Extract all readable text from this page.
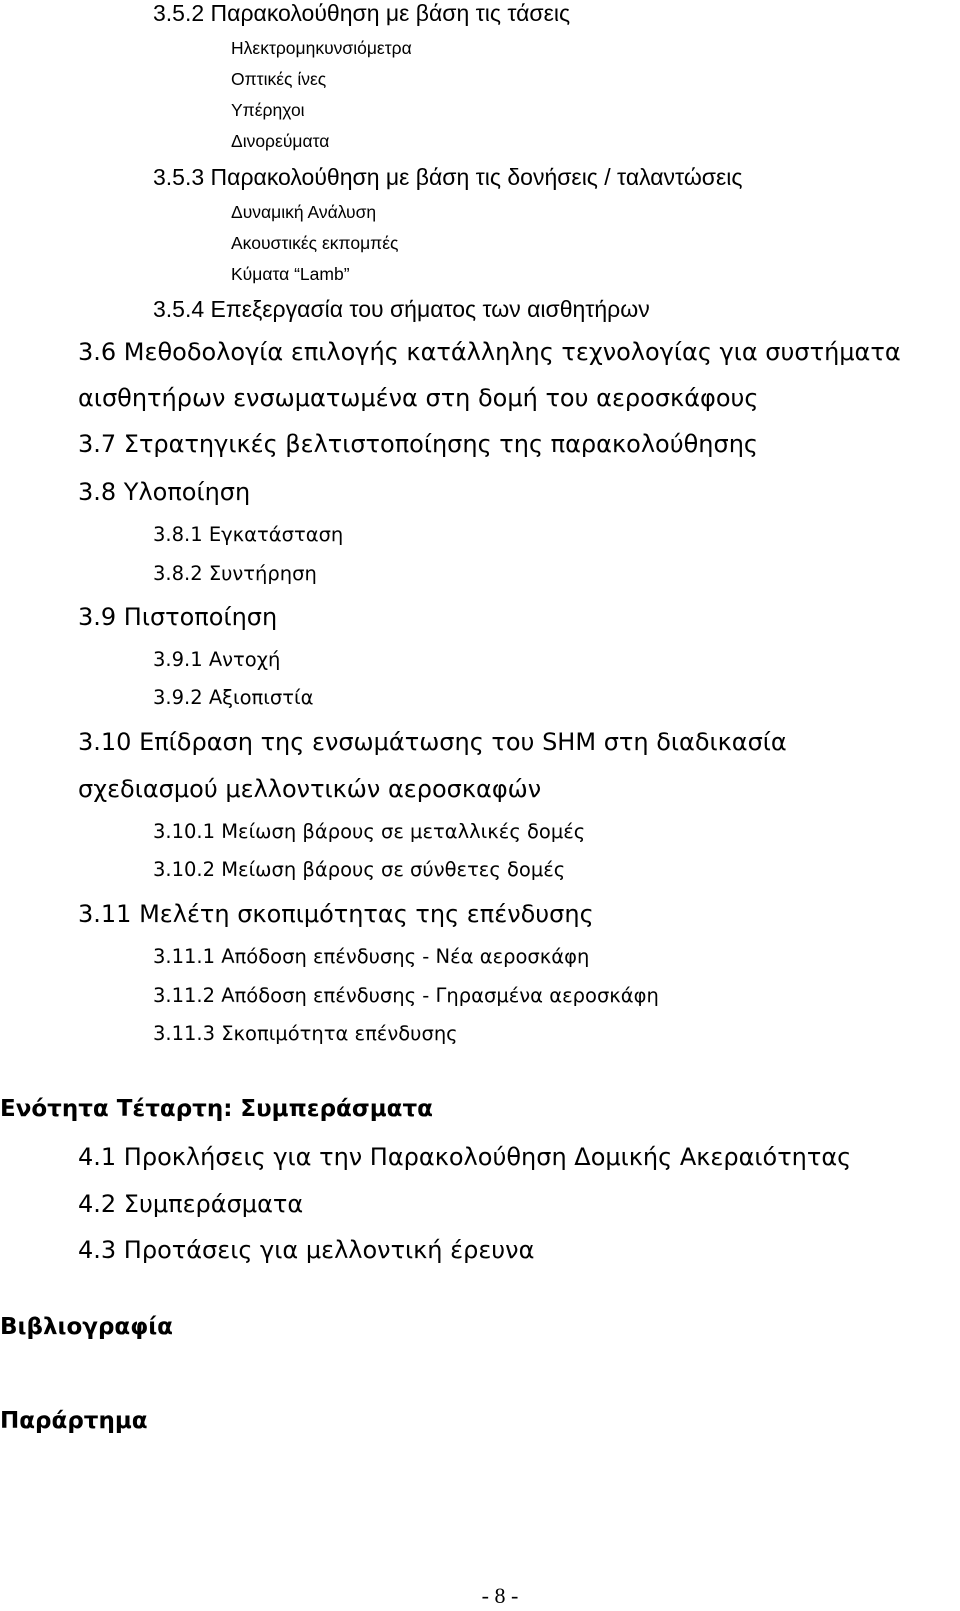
3.5.2 Παρακολούθηση με βάση τις τάσεις
Ηλεκτρομηκυνσιόμετρα
Οπτικές ίνες
Υπέρηχοι
Δινορεύματα
3.5.3 Παρακολούθηση με βάση τις δονήσεις / ταλαντώσεις
Δυναμική Ανάλυση
Ακουστικές εκπομπές
Κύματα “Lamb”
3.5.4 Επεξεργασία του σήματος των αισθητήρων
3.6 Μεθοδολογία επιλογής κατάλληλης τεχνολογίας για συστήματα
αισθητήρων ενσωματωμένα στη δομή του αεροσκάφους
3.7 Στρατηγικές βελτιστοποίησης της παρακολούθησης
3.8 Υλοποίηση
3.8.1 Εγκατάσταση
3.8.2 Συντήρηση
3.9 Πιστοποίηση
3.9.1 Αντοχή
3.9.2 Αξιοπιστία
3.10 Επίδραση της ενσωμάτωσης του SHM στη διαδικασία
σχεδιασμού μελλοντικών αεροσκαφών
3.10.1 Μείωση βάρους σε μεταλλικές δομές
3.10.2 Μείωση βάρους σε σύνθετες δομές
3.11 Μελέτη σκοπιμότητας της επένδυσης
3.11.1 Απόδοση επένδυσης - Νέα αεροσκάφη
3.11.2 Απόδοση επένδυσης - Γηρασμένα αεροσκάφη
3.11.3 Σκοπιμότητα επένδυσης
Ενότητα Τέταρτη: Συμπεράσματα
4.1 Προκλήσεις για την Παρακολούθηση Δομικής Ακεραιότητας
4.2 Συμπεράσματα
4.3 Προτάσεις για μελλοντική έρευνα
Βιβλιογραφία
Παράρτημα
- 8 -
